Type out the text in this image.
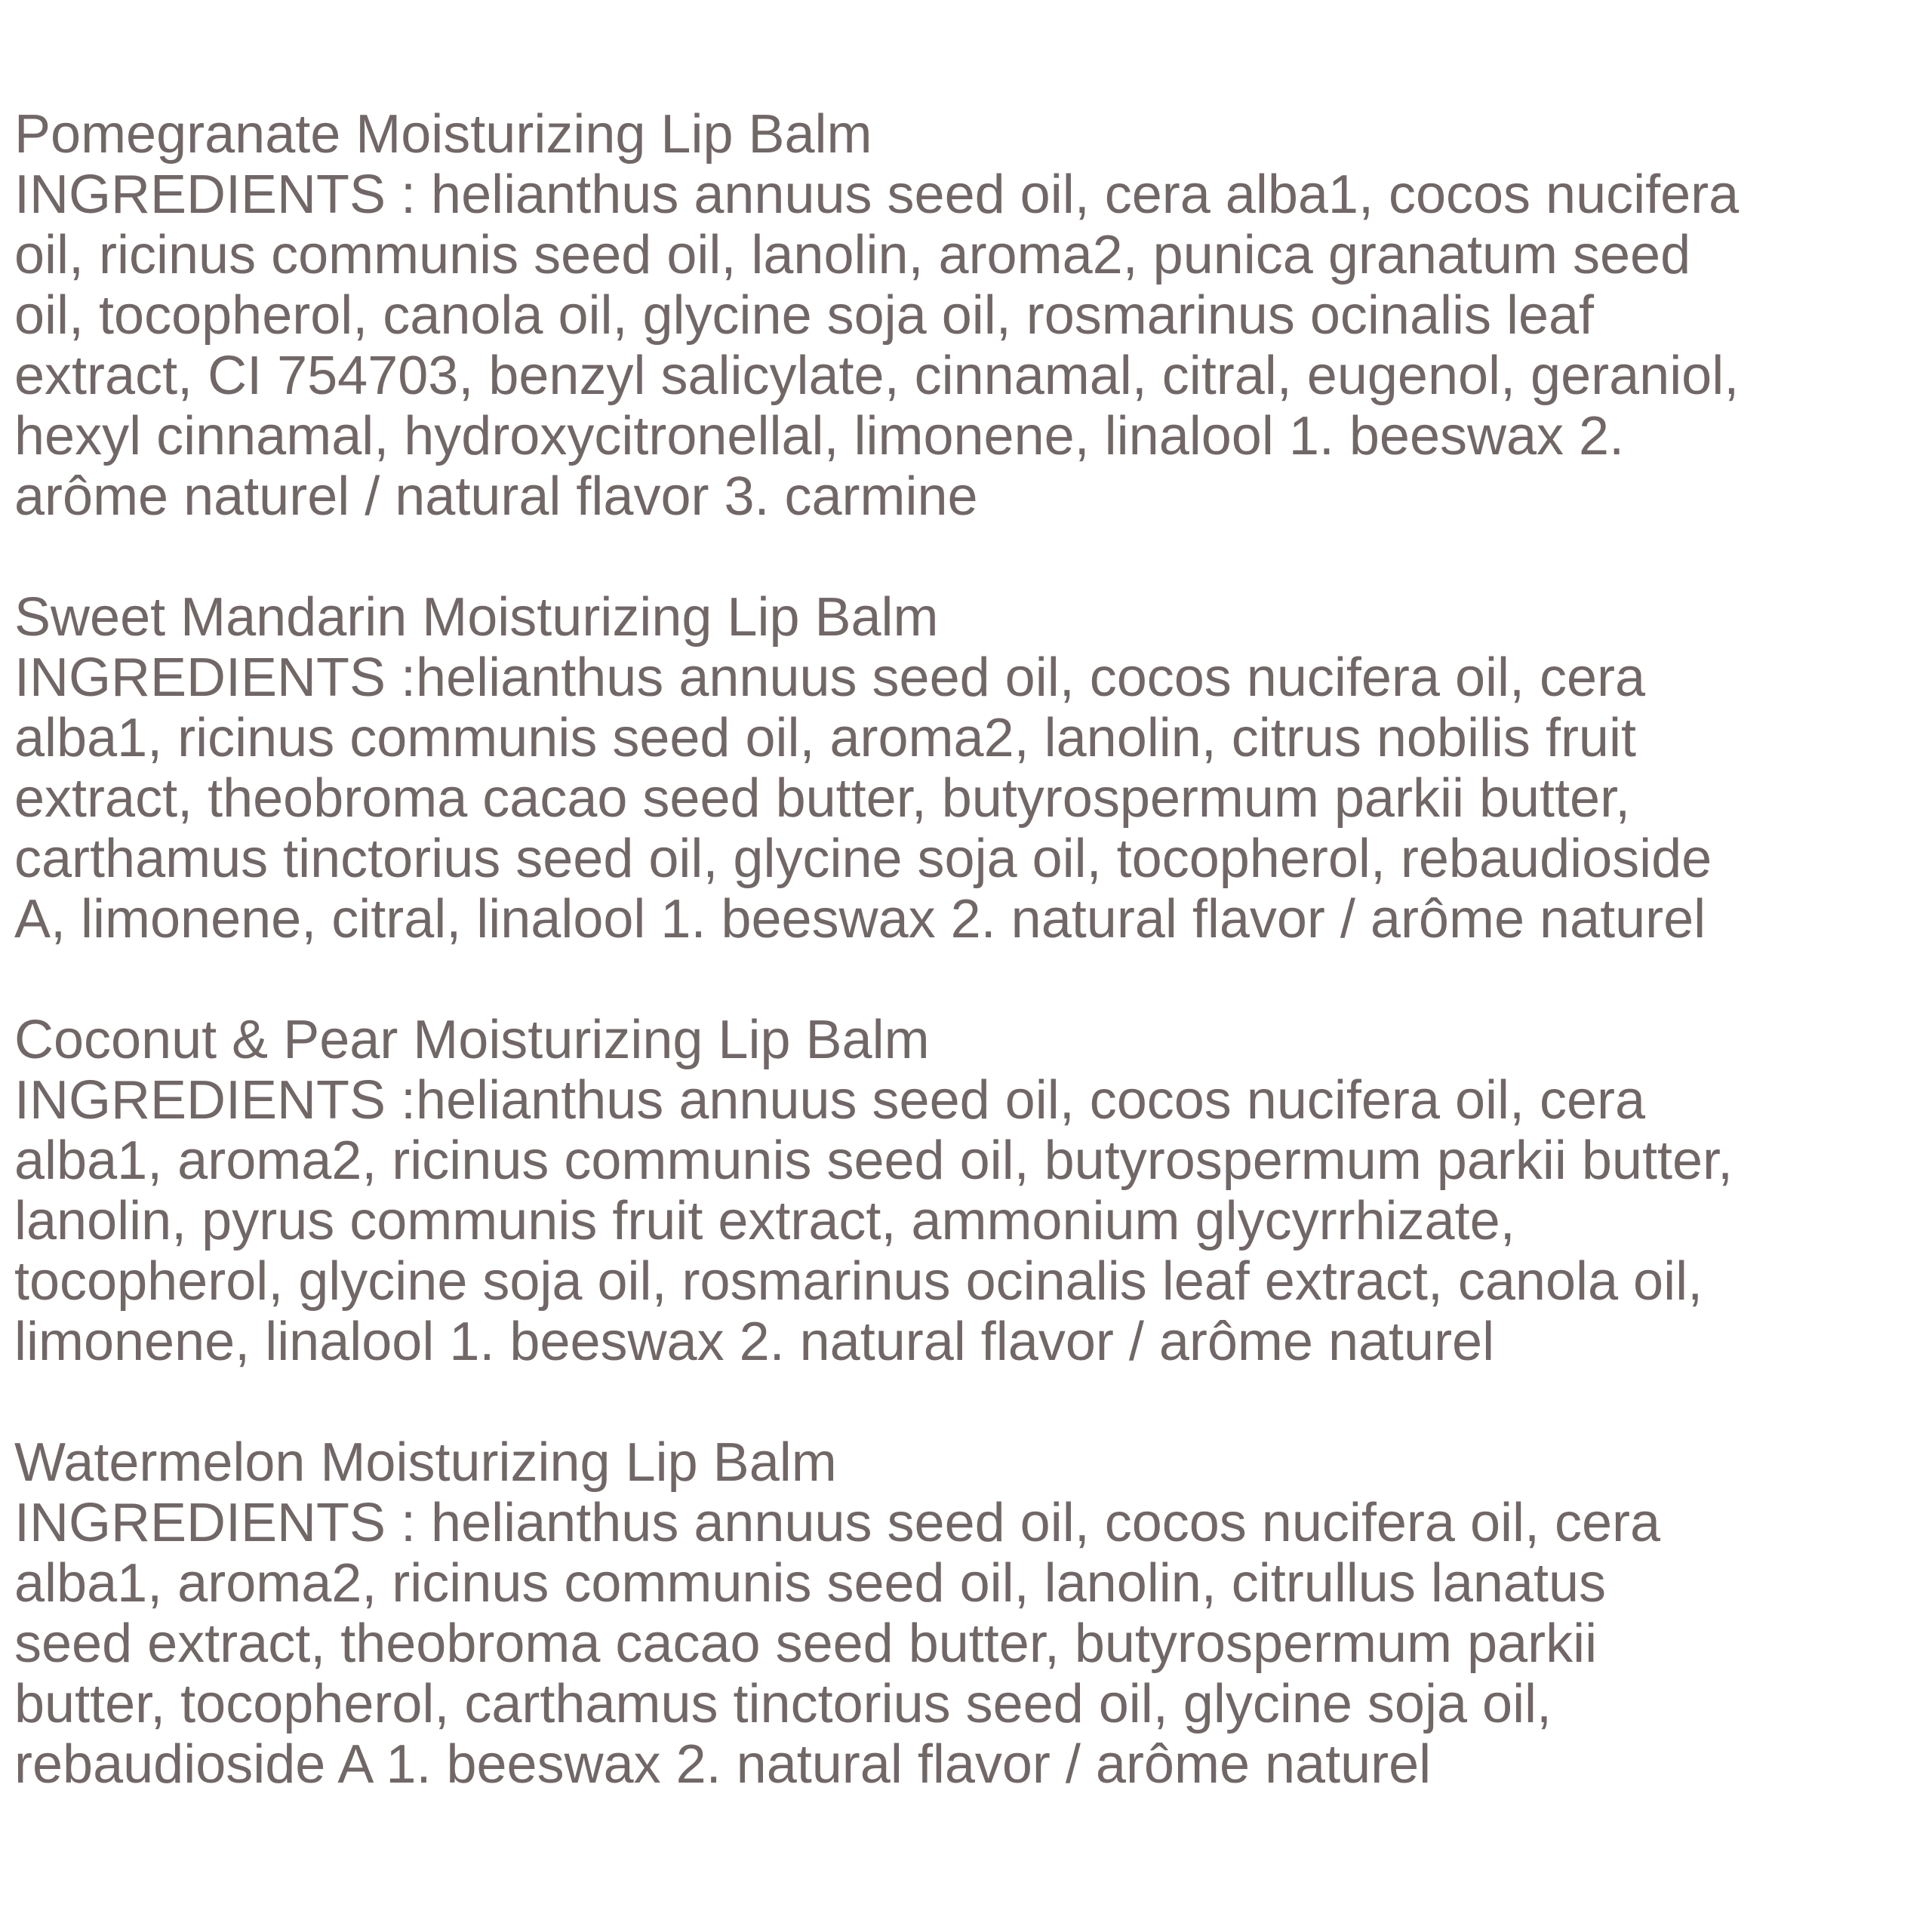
Pomegranate Moisturizing Lip Balm
INGREDIENTS : helianthus annuus seed oil, cera alba1, cocos nucifera
oil, ricinus communis seed oil, lanolin, aroma2, punica granatum seed
oil, tocopherol, canola oil, glycine soja oil, rosmarinus ocinalis leaf
extract, CI 754703, benzyl salicylate, cinnamal, citral, eugenol, geraniol,
hexyl cinnamal, hydroxycitronellal, limonene, linalool 1. beeswax 2.
arôme naturel / natural flavor 3. carmine
Sweet Mandarin Moisturizing Lip Balm
INGREDIENTS :helianthus annuus seed oil, cocos nucifera oil, cera
alba1, ricinus communis seed oil, aroma2, lanolin, citrus nobilis fruit
extract, theobroma cacao seed butter, butyrospermum parkii butter,
carthamus tinctorius seed oil, glycine soja oil, tocopherol, rebaudioside
A, limonene, citral, linalool 1. beeswax 2. natural flavor / arôme naturel
Coconut & Pear Moisturizing Lip Balm
INGREDIENTS :helianthus annuus seed oil, cocos nucifera oil, cera
alba1, aroma2, ricinus communis seed oil, butyrospermum parkii butter,
lanolin, pyrus communis fruit extract, ammonium glycyrrhizate,
tocopherol, glycine soja oil, rosmarinus ocinalis leaf extract, canola oil,
limonene, linalool 1. beeswax 2. natural flavor / arôme naturel
Watermelon Moisturizing Lip Balm
INGREDIENTS : helianthus annuus seed oil, cocos nucifera oil, cera
alba1, aroma2, ricinus communis seed oil, lanolin, citrullus lanatus
seed extract, theobroma cacao seed butter, butyrospermum parkii
butter, tocopherol, carthamus tinctorius seed oil, glycine soja oil,
rebaudioside A 1. beeswax 2. natural flavor / arôme naturel
